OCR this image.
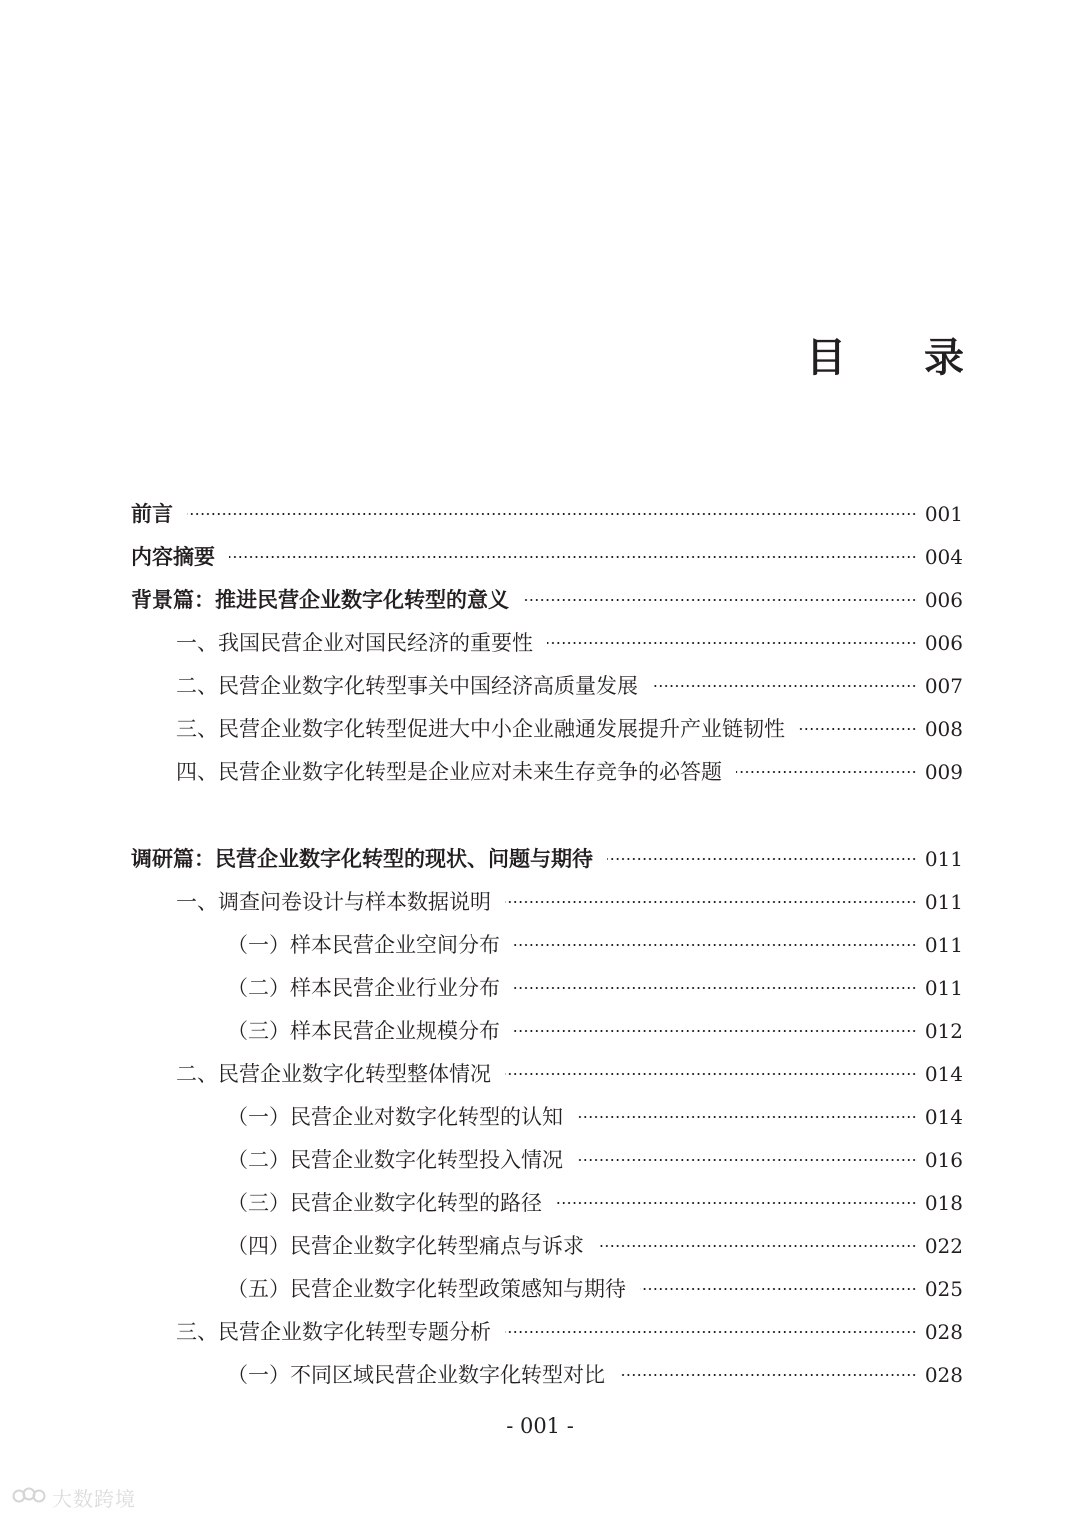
目 录
前言	001
内容摘要	004
背景篇：推进民营企业数字化转型的意义	006
一、我国民营企业对国民经济的重要性	006
二、民营企业数字化转型事关中国经济高质量发展	007
三、民营企业数字化转型促进大中小企业融通发展提升产业链韧性	008
四、民营企业数字化转型是企业应对未来生存竞争的必答题	009
调研篇：民营企业数字化转型的现状、问题与期待	011
一、调查问卷设计与样本数据说明	011
（一）样本民营企业空间分布	011
（二）样本民营企业行业分布	011
（三）样本民营企业规模分布	012
二、民营企业数字化转型整体情况	014
（一）民营企业对数字化转型的认知	014
（二）民营企业数字化转型投入情况	016
（三）民营企业数字化转型的路径	018
（四）民营企业数字化转型痛点与诉求	022
（五）民营企业数字化转型政策感知与期待	025
三、民营企业数字化转型专题分析	028
（一）不同区域民营企业数字化转型对比	028
- 001 -
大数跨境
